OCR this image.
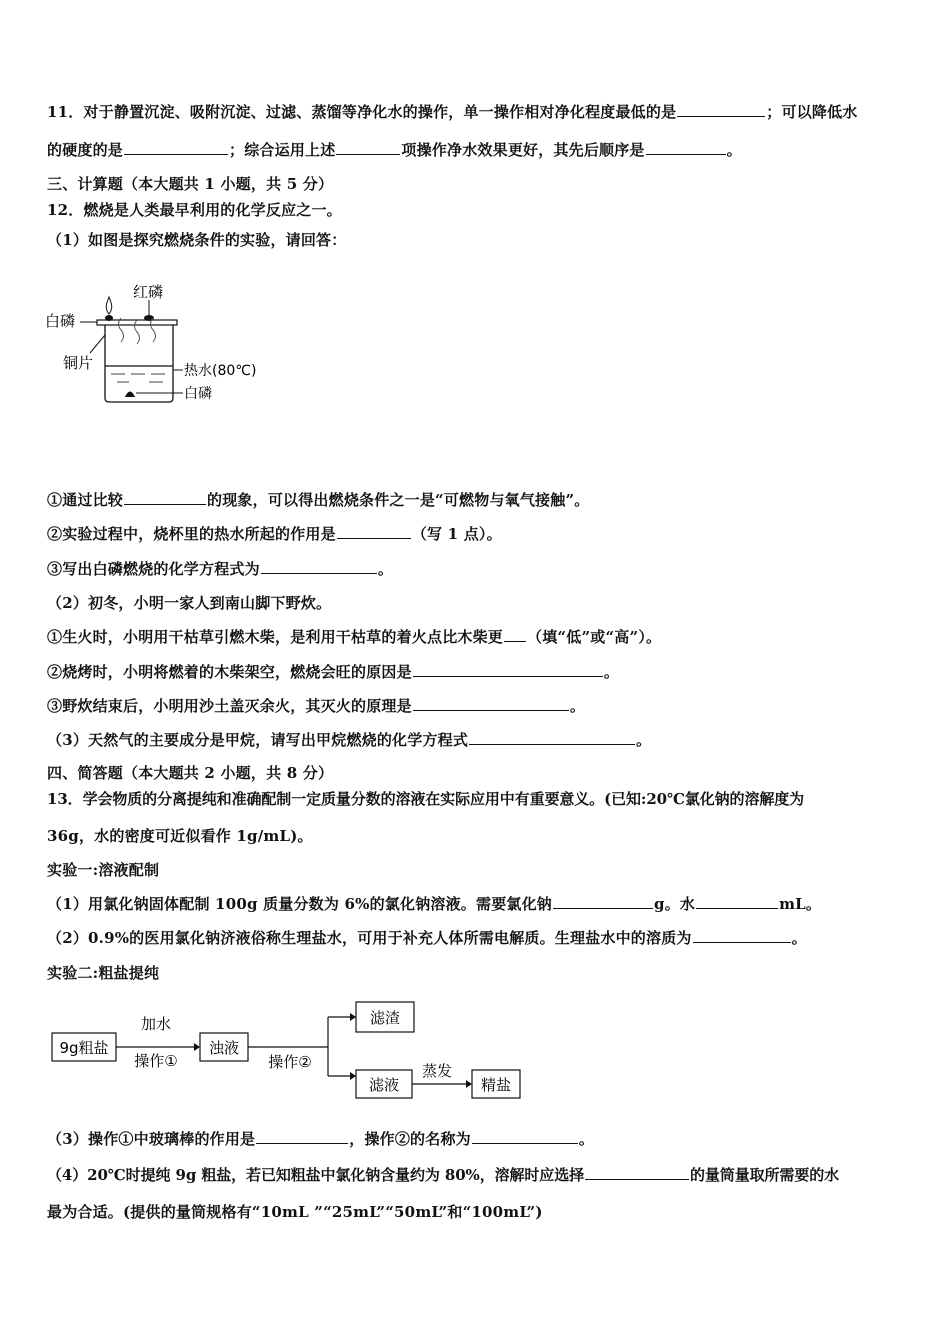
11．对于静置沉淀、吸附沉淀、过滤、蒸馏等净化水的操作，单一操作相对净化程度最低的是	；可以降低水
的硬度的是	；综合运用上述	项操作净水效果更好，其先后顺序是	。
三、计算题（本大题共 1 小题，共 5 分）
12．燃烧是人类最早利用的化学反应之一。
（1）如图是探究燃烧条件的实验，请回答：
红磷
白磷
铜片	热水(80℃)
白磷
①通过比较	的现象，可以得出燃烧条件之一是“可燃物与氧气接触”。
②实验过程中，烧杯里的热水所起的作用是	（写 1 点）。
③写出白磷燃烧的化学方程式为	。
（2）初冬，小明一家人到南山脚下野炊。
①生火时，小明用干枯草引燃木柴，是利用干枯草的着火点比木柴更 （填“低”或“高”）。
②烧烤时，小明将燃着的木柴架空，燃烧会旺的原因是	。
③野炊结束后，小明用沙土盖灭余火，其灭火的原理是	。
（3）天然气的主要成分是甲烷，请写出甲烷燃烧的化学方程式	。
四、简答题（本大题共 2 小题，共 8 分）
13．学会物质的分离提纯和准确配制一定质量分数的溶液在实际应用中有重要意义。(已知:20℃氯化钠的溶解度为
36g，水的密度可近似看作 1g/mL)。
实验一:溶液配制
（1）用氯化钠固体配制 100g 质量分数为 6%的氯化钠溶液。需要氯化钠	g。水	mL。
（2）0.9%的医用氯化钠济液俗称生理盐水，可用于补充人体所需电解质。生理盐水中的溶质为	。
实验二:粗盐提纯
9g粗盐
加水
操作①
浊液
操作②
滤渣
滤液
蒸发
精盐
（3）操作①中玻璃棒的作用是	，操作②的名称为	。
（4）20℃时提纯 9g 粗盐，若已知粗盐中氯化钠含量约为 80%，溶解时应选择	的量筒量取所需要的水
最为合适。(提供的量筒规格有“10mL ”“25mL”“50mL”和“100mL”)
